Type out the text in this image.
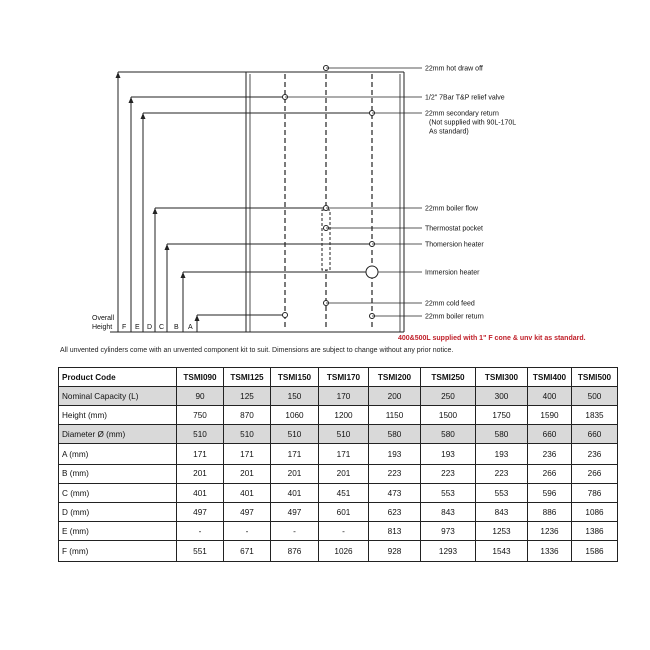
22mm hot draw off
1/2" 7Bar T&P relief valve
22mm secondary return
(Not supplied with 90L-170L
As standard)
22mm boiler flow
Thermostat pocket
Thomersion heater
Immersion heater
22mm cold feed
22mm boiler return
400&500L supplied with 1" F cone & unv kit as standard.
Overall
Height F E D C B A
All unvented cylinders come with an unvented component kit to suit. Dimensions are subject to change without any prior notice.
Product Code	TSMI090	TSMI125	TSMI150	TSMI170	TSMI200	TSMI250	TSMI300	TSMI400	TSMI500
Nominal Capacity (L)	90	125	150	170	200	250	300	400	500
Height (mm)	750	870	1060	1200	1150	1500	1750	1590	1835
Diameter Ø (mm)	510	510	510	510	580	580	580	660	660
A (mm)	171	171	171	171	193	193	193	236	236
B (mm)	201	201	201	201	223	223	223	266	266
C (mm)	401	401	401	451	473	553	553	596	786
D (mm)	497	497	497	601	623	843	843	886	1086
E (mm)	-	-	-	-	813	973	1253	1236	1386
F (mm)	551	671	876	1026	928	1293	1543	1336	1586
